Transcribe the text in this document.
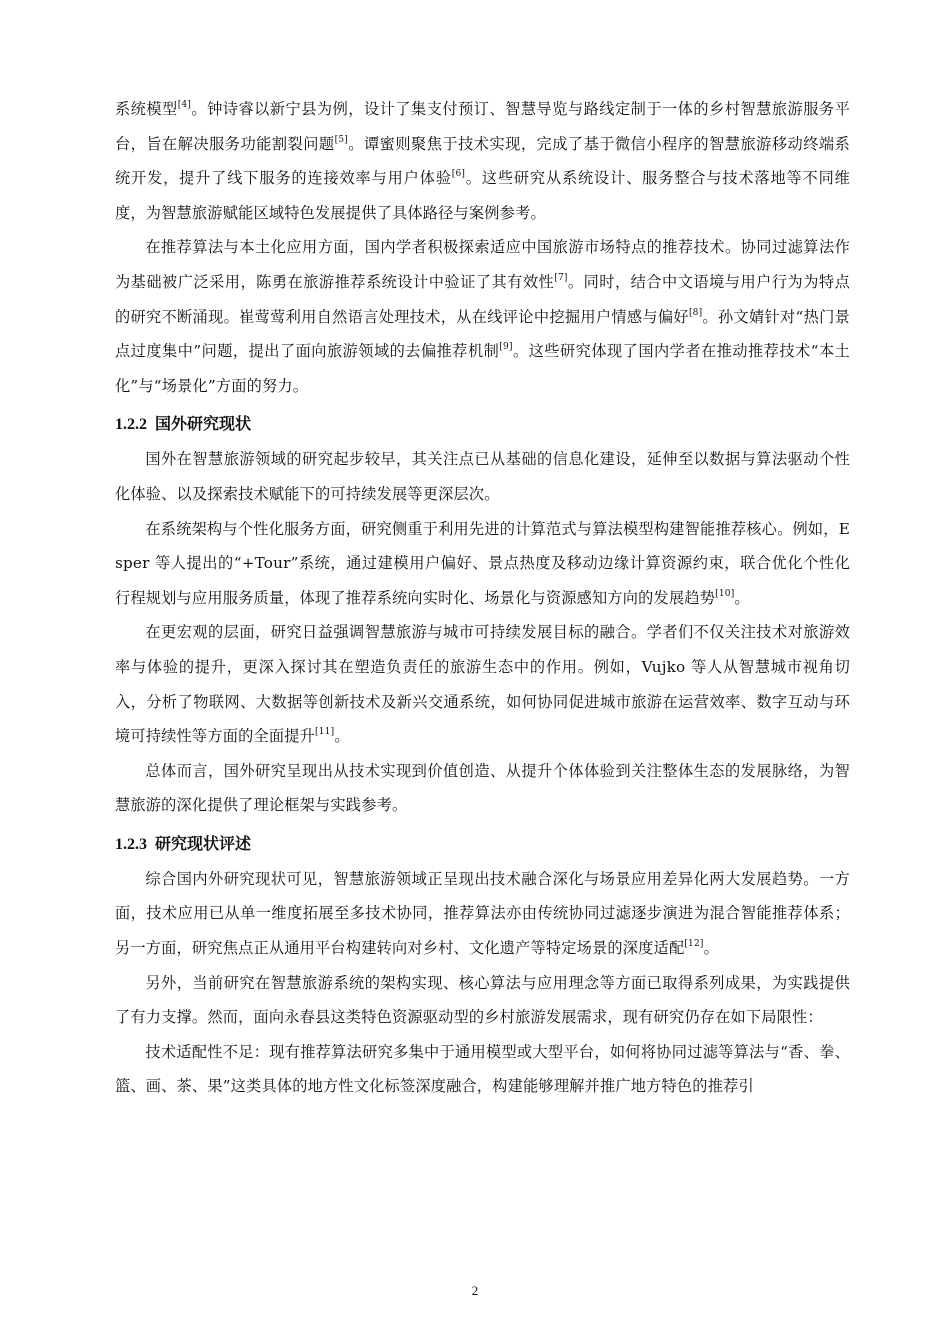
系统模型[4]。钟诗睿以新宁县为例，设计了集支付预订、智慧导览与路线定制于一体的乡村智慧旅游服务平台，旨在解决服务功能割裂问题[5]。谭蜜则聚焦于技术实现，完成了基于微信小程序的智慧旅游移动终端系统开发，提升了线下服务的连接效率与用户体验[6]。这些研究从系统设计、服务整合与技术落地等不同维度，为智慧旅游赋能区域特色发展提供了具体路径与案例参考。

在推荐算法与本土化应用方面，国内学者积极探索适应中国旅游市场特点的推荐技术。协同过滤算法作为基础被广泛采用，陈勇在旅游推荐系统设计中验证了其有效性[7]。同时，结合中文语境与用户行为为特点的研究不断涌现。崔莺莺利用自然语言处理技术，从在线评论中挖掘用户情感与偏好[8]。孙文婧针对“热门景点过度集中”问题，提出了面向旅游领域的去偏推荐机制[9]。这些研究体现了国内学者在推动推荐技术“本土化”与“场景化”方面的努力。

1.2.2 国外研究现状

国外在智慧旅游领域的研究起步较早，其关注点已从基础的信息化建设，延伸至以数据与算法驱动个性化体验、以及探索技术赋能下的可持续发展等更深层次。

在系统架构与个性化服务方面，研究侧重于利用先进的计算范式与算法模型构建智能推荐核心。例如，Esper 等人提出的“+Tour”系统，通过建模用户偏好、景点热度及移动边缘计算资源约束，联合优化个性化行程规划与应用服务质量，体现了推荐系统向实时化、场景化与资源感知方向的发展趋势[10]。

在更宏观的层面，研究日益强调智慧旅游与城市可持续发展目标的融合。学者们不仅关注技术对旅游效率与体验的提升，更深入探讨其在塑造负责任的旅游生态中的作用。例如，Vujko 等人从智慧城市视角切入，分析了物联网、大数据等创新技术及新兴交通系统，如何协同促进城市旅游在运营效率、数字互动与环境可持续性等方面的全面提升[11]。

总体而言，国外研究呈现出从技术实现到价值创造、从提升个体体验到关注整体生态的发展脉络，为智慧旅游的深化提供了理论框架与实践参考。

1.2.3 研究现状评述

综合国内外研究现状可见，智慧旅游领域正呈现出技术融合深化与场景应用差异化两大发展趋势。一方面，技术应用已从单一维度拓展至多技术协同，推荐算法亦由传统协同过滤逐步演进为混合智能推荐体系；另一方面，研究焦点正从通用平台构建转向对乡村、文化遗产等特定场景的深度适配[12]。

另外，当前研究在智慧旅游系统的架构实现、核心算法与应用理念等方面已取得系列成果，为实践提供了有力支撑。然而，面向永春县这类特色资源驱动型的乡村旅游发展需求，现有研究仍存在如下局限性：

技术适配性不足：现有推荐算法研究多集中于通用模型或大型平台，如何将协同过滤等算法与“香、拳、篮、画、茶、果”这类具体的地方性文化标签深度融合，构建能够理解并推广地方特色的推荐引

2
